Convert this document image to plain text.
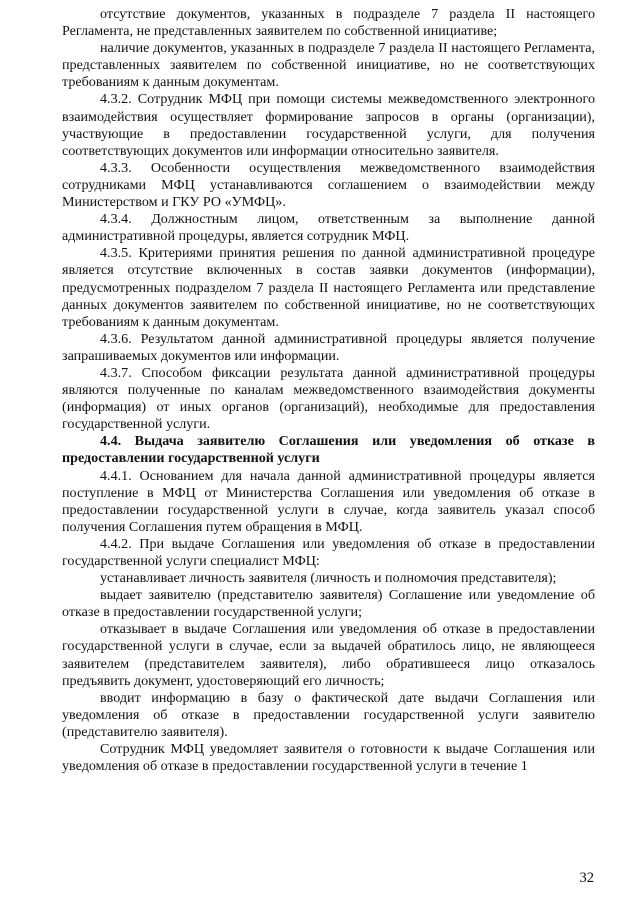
отсутствие документов, указанных в подразделе 7 раздела II настоящего Регламента, не представленных заявителем по собственной инициативе;

наличие документов, указанных в подразделе 7 раздела II настоящего Регламента, представленных заявителем по собственной инициативе, но не соответствующих требованиям к данным документам.

4.3.2. Сотрудник МФЦ при помощи системы межведомственного электронного взаимодействия осуществляет формирование запросов в органы (организации), участвующие в предоставлении государственной услуги, для получения соответствующих документов или информации относительно заявителя.

4.3.3. Особенности осуществления межведомственного взаимодействия сотрудниками МФЦ устанавливаются соглашением о взаимодействии между Министерством и ГКУ РО «УМФЦ».

4.3.4. Должностным лицом, ответственным за выполнение данной административной процедуры, является сотрудник МФЦ.

4.3.5. Критериями принятия решения по данной административной процедуре является отсутствие включенных в состав заявки документов (информации), предусмотренных подразделом 7 раздела II настоящего Регламента или представление данных документов заявителем по собственной инициативе, но не соответствующих требованиям к данным документам.

4.3.6. Результатом данной административной процедуры является получение запрашиваемых документов или информации.

4.3.7. Способом фиксации результата данной административной процедуры являются полученные по каналам межведомственного взаимодействия документы (информация) от иных органов (организаций), необходимые для предоставления государственной услуги.

4.4. Выдача заявителю Соглашения или уведомления об отказе в предоставлении государственной услуги

4.4.1. Основанием для начала данной административной процедуры является поступление в МФЦ от Министерства Соглашения или уведомления об отказе в предоставлении государственной услуги в случае, когда заявитель указал способ получения Соглашения путем обращения в МФЦ.

4.4.2. При выдаче Соглашения или уведомления об отказе в предоставлении государственной услуги специалист МФЦ:

устанавливает личность заявителя (личность и полномочия представителя);

выдает заявителю (представителю заявителя) Соглашение или уведомление об отказе в предоставлении государственной услуги;

отказывает в выдаче Соглашения или уведомления об отказе в предоставлении государственной услуги в случае, если за выдачей обратилось лицо, не являющееся заявителем (представителем заявителя), либо обратившееся лицо отказалось предъявить документ, удостоверяющий его личность;

вводит информацию в базу о фактической дате выдачи Соглашения или уведомления об отказе в предоставлении государственной услуги заявителю (представителю заявителя).

Сотрудник МФЦ уведомляет заявителя о готовности к выдаче Соглашения или уведомления об отказе в предоставлении государственной услуги в течение 1

32
